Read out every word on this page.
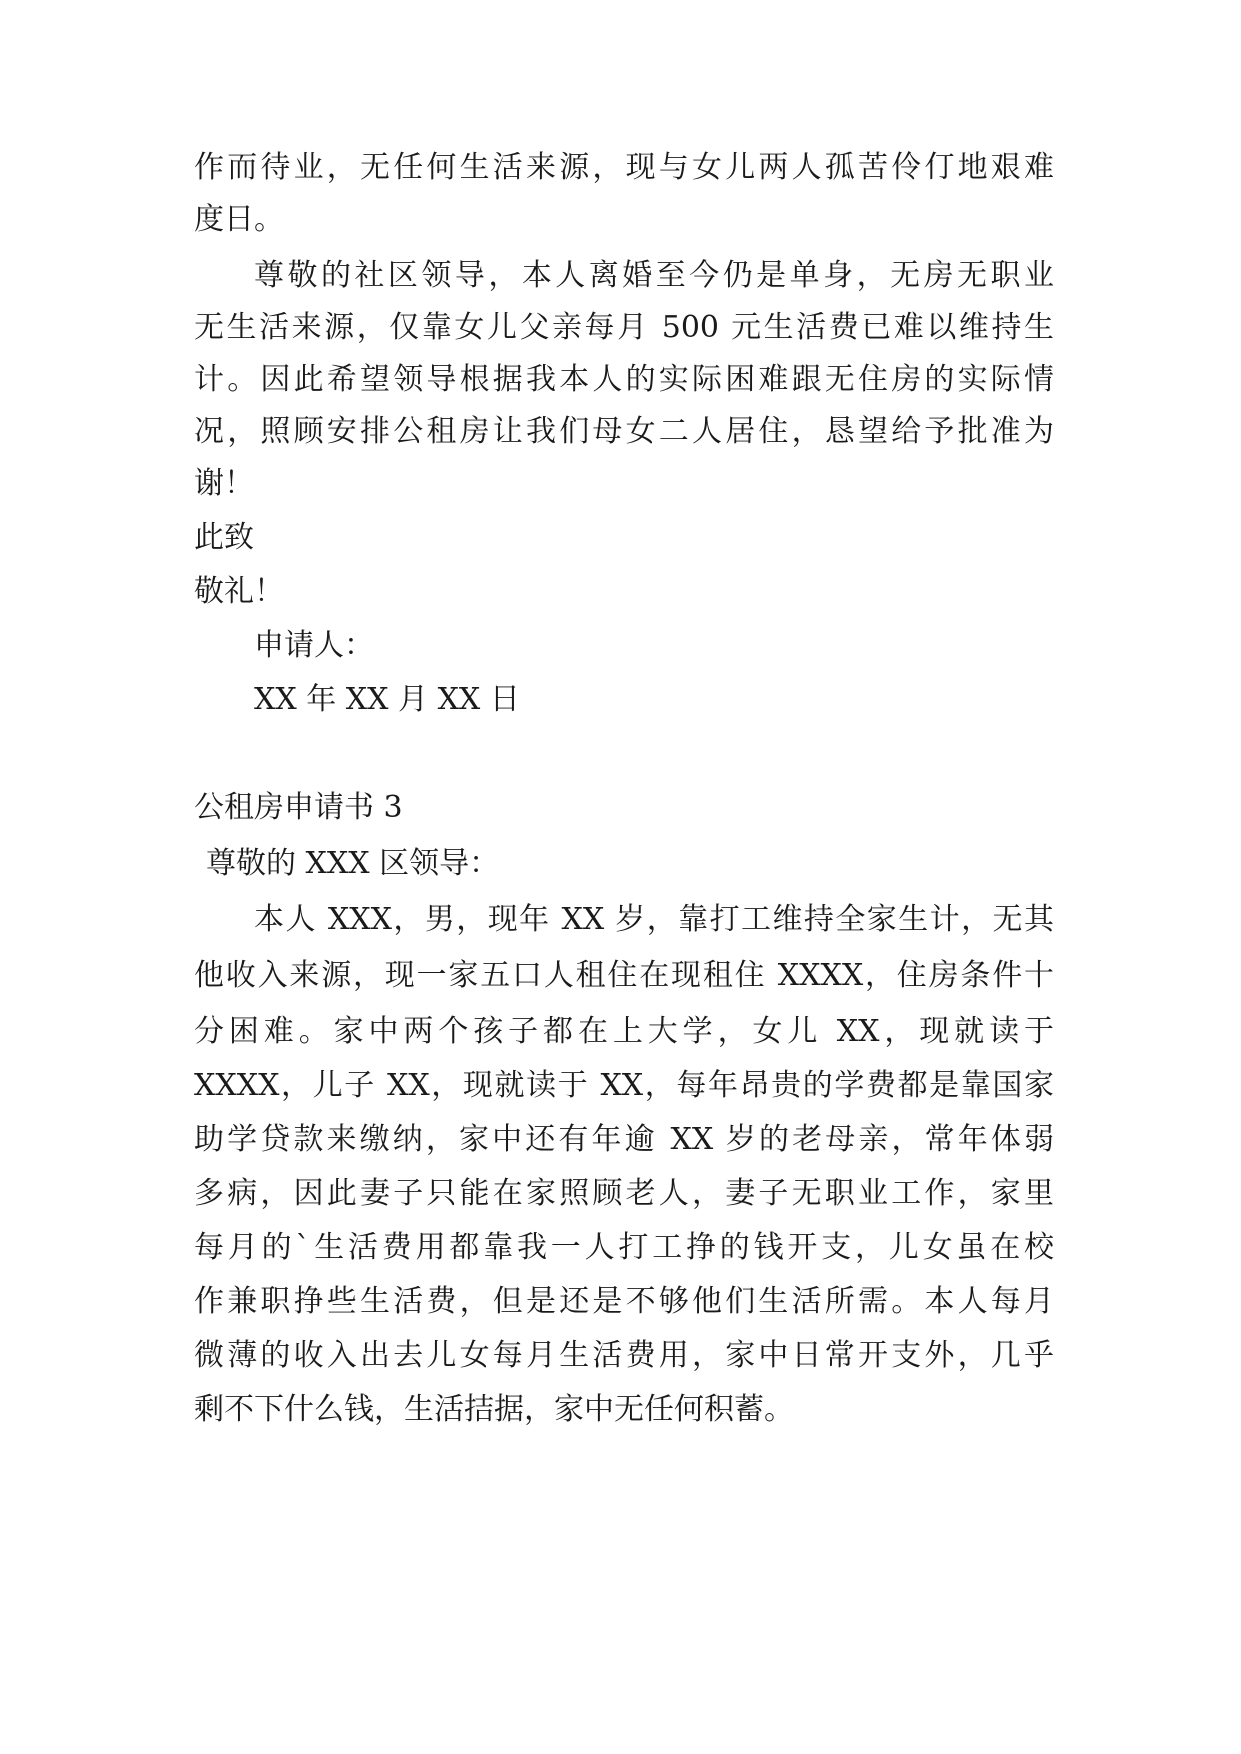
作而待业，无任何生活来源，现与女儿两人孤苦伶仃地艰难
度日。
尊敬的社区领导，本人离婚至今仍是单身，无房无职业
无生活来源，仅靠女儿父亲每月 500 元生活费已难以维持生
计。因此希望领导根据我本人的实际困难跟无住房的实际情
况，照顾安排公租房让我们母女二人居住，恳望给予批准为
谢！
此致
敬礼！
申请人：
XX 年 XX 月 XX 日
公租房申请书 3
尊敬的 XXX 区领导：
本人 XXX，男，现年 XX 岁，靠打工维持全家生计，无其
他收入来源，现一家五口人租住在现租住 XXXX，住房条件十
分困难。家中两个孩子都在上大学，女儿 XX，现就读于
XXXX，儿子 XX，现就读于 XX，每年昂贵的学费都是靠国家
助学贷款来缴纳，家中还有年逾 XX 岁的老母亲，常年体弱
多病，因此妻子只能在家照顾老人，妻子无职业工作，家里
每月的`生活费用都靠我一人打工挣的钱开支，儿女虽在校
作兼职挣些生活费，但是还是不够他们生活所需。本人每月
微薄的收入出去儿女每月生活费用，家中日常开支外，几乎
剩不下什么钱，生活拮据，家中无任何积蓄。
